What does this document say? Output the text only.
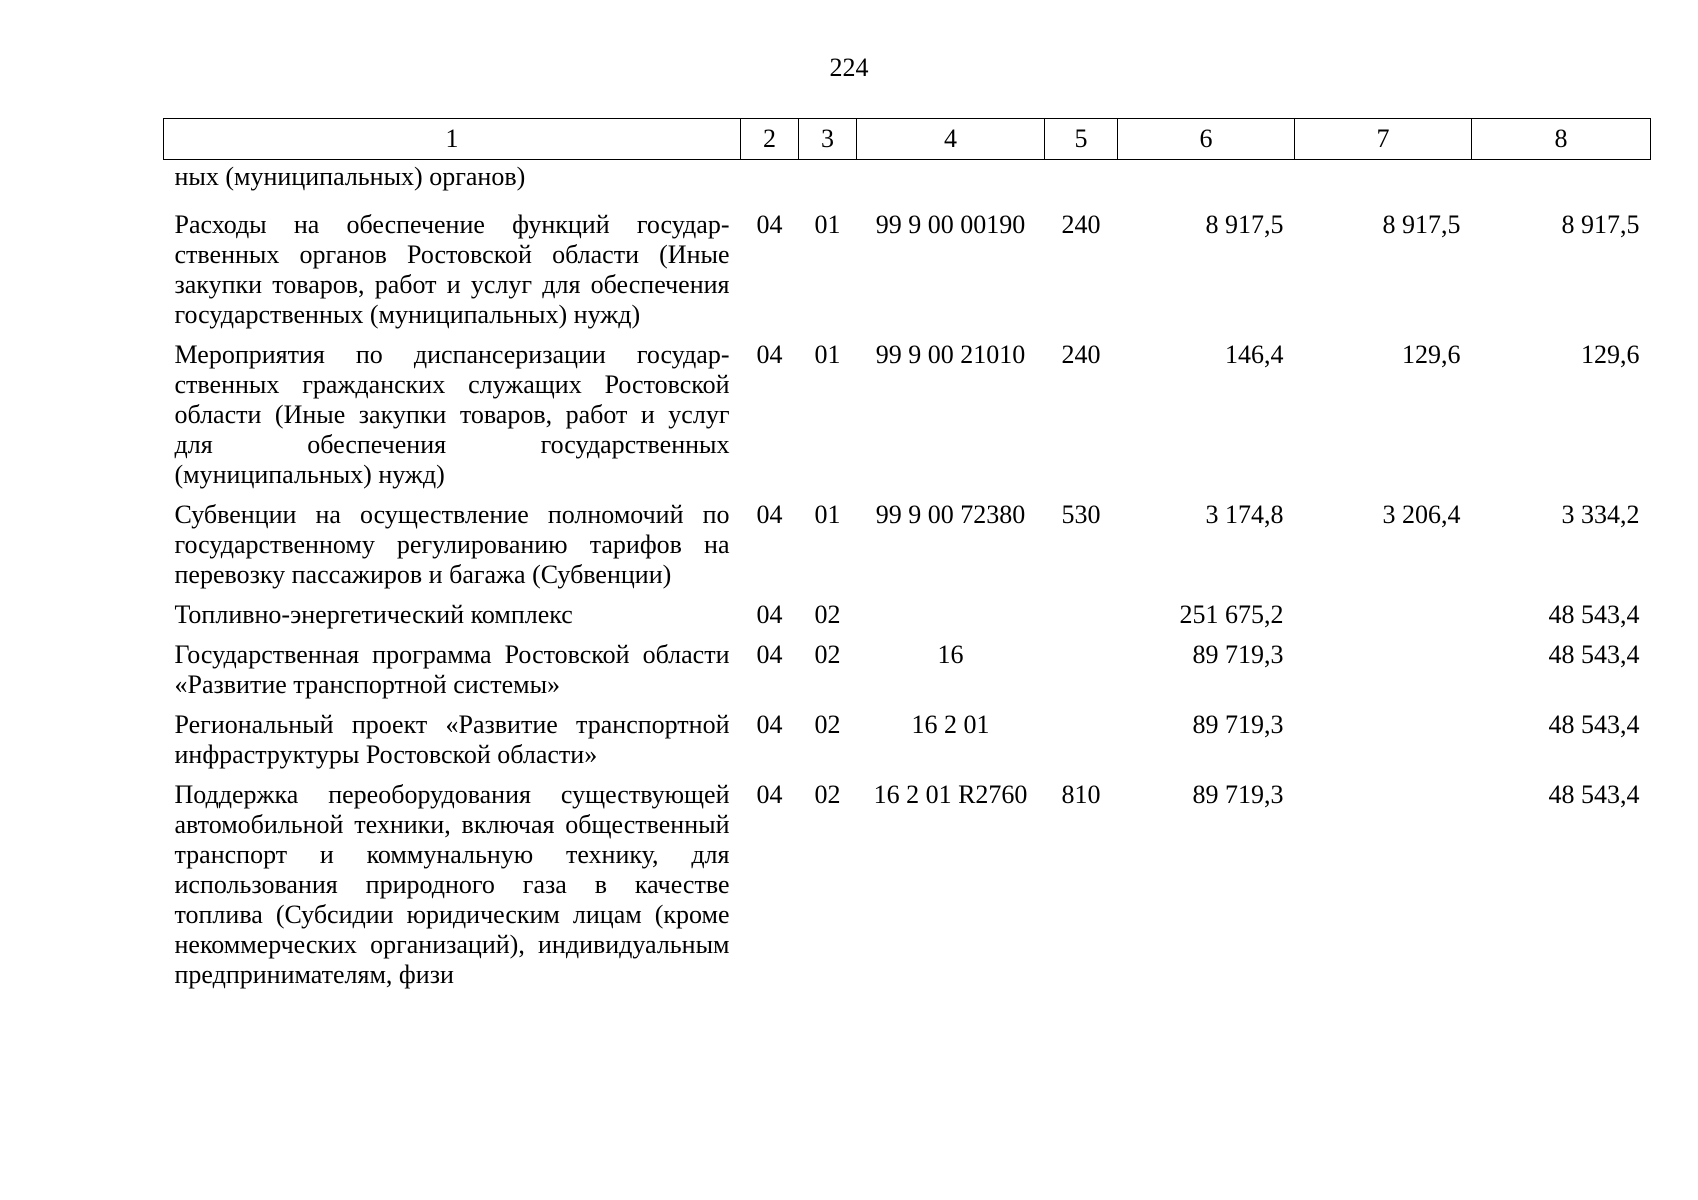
224
1	2	3	4	5	6	7	8
ных (муниципальных) органов)							
Расходы на обеспечение функций государственных органов Ростовской области (Иные закупки товаров, работ и услуг для обеспечения государственных (муниципальных) нужд)	04	01	99 9 00 00190	240	8 917,5	8 917,5	8 917,5
Мероприятия по диспансеризации государственных гражданских служащих Ростовской области (Иные закупки товаров, работ и услуг для обеспечения государственных (муниципальных) нужд)	04	01	99 9 00 21010	240	146,4	129,6	129,6
Субвенции на осуществление полномочий по государственному регулированию тарифов на перевозку пассажиров и багажа (Субвенции)	04	01	99 9 00 72380	530	3 174,8	3 206,4	3 334,2
Топливно-энергетический комплекс	04	02			251 675,2		48 543,4
Государственная программа Ростовской области «Развитие транспортной системы»	04	02	16		89 719,3		48 543,4
Региональный проект «Развитие транспортной инфраструктуры Ростовской области»	04	02	16 2 01		89 719,3		48 543,4
Поддержка переоборудования существующей автомобильной техники, включая общественный транспорт и коммунальную технику, для использования природного газа в качестве топлива (Субсидии юридическим лицам (кроме некоммерческих организаций), индивидуальным предпринимателям, физи	04	02	16 2 01 R2760	810	89 719,3		48 543,4
